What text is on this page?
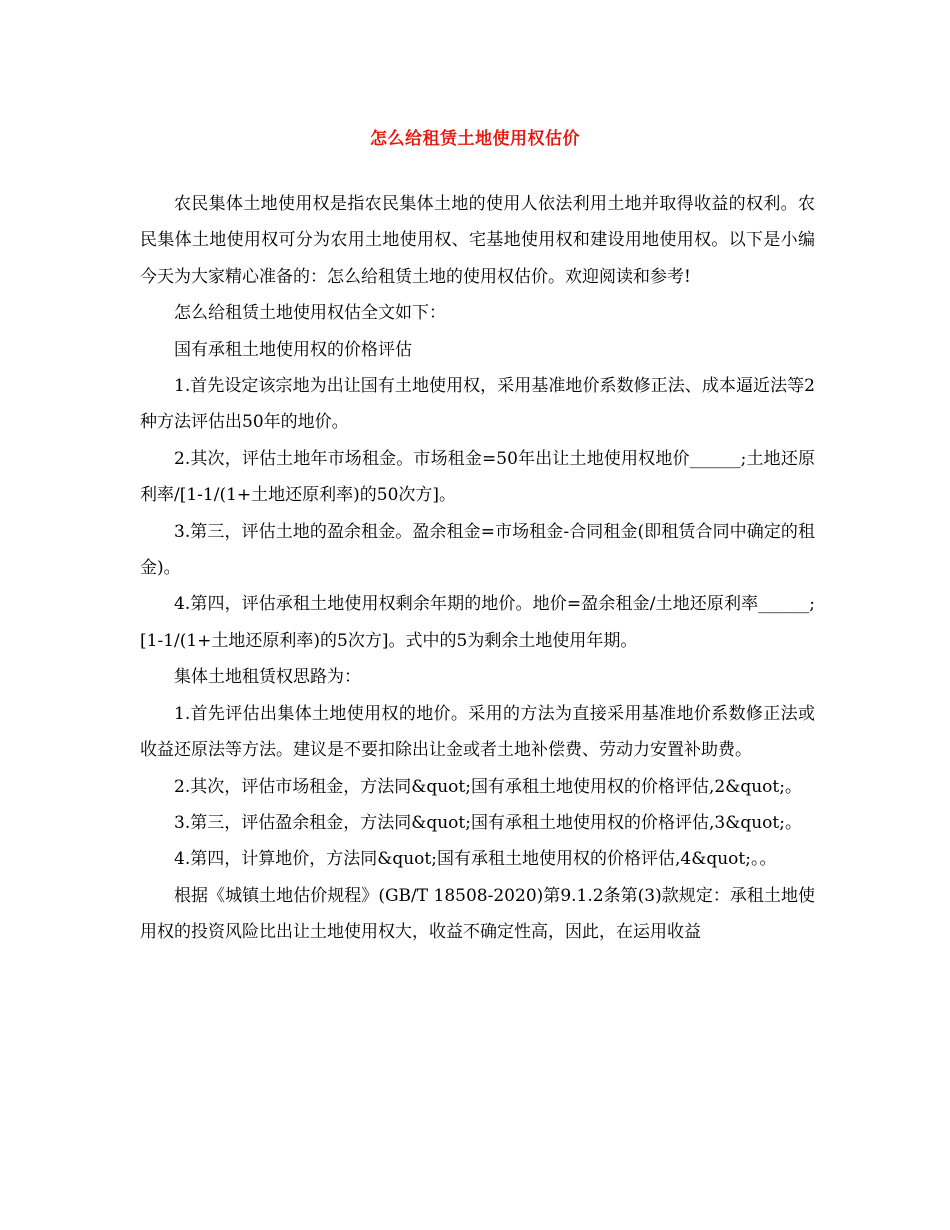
怎么给租赁土地使用权估价

农民集体土地使用权是指农民集体土地的使用人依法利用土地并取得收益的权利。农民集体土地使用权可分为农用土地使用权、宅基地使用权和建设用地使用权。以下是小编今天为大家精心准备的：怎么给租赁土地的使用权估价。欢迎阅读和参考!

怎么给租赁土地使用权估全文如下：

国有承租土地使用权的价格评估

1.首先设定该宗地为出让国有土地使用权，采用基准地价系数修正法、成本逼近法等2种方法评估出50年的地价。

2.其次，评估土地年市场租金。市场租金=50年出让土地使用权地价______;土地还原利率/[1-1/(1+土地还原利率)的50次方]。

3.第三，评估土地的盈余租金。盈余租金=市场租金-合同租金(即租赁合同中确定的租金)。

4.第四，评估承租土地使用权剩余年期的地价。地价=盈余租金/土地还原利率______;[1-1/(1+土地还原利率)的5次方]。式中的5为剩余土地使用年期。

集体土地租赁权思路为：

1.首先评估出集体土地使用权的地价。采用的方法为直接采用基准地价系数修正法或收益还原法等方法。建议是不要扣除出让金或者土地补偿费、劳动力安置补助费。

2.其次，评估市场租金，方法同&quot;国有承租土地使用权的价格评估,2&quot;。

3.第三，评估盈余租金，方法同&quot;国有承租土地使用权的价格评估,3&quot;。

4.第四，计算地价，方法同&quot;国有承租土地使用权的价格评估,4&quot;。。

根据《城镇土地估价规程》(GB/T 18508-2020)第9.1.2条第(3)款规定：承租土地使用权的投资风险比出让土地使用权大，收益不确定性高，因此，在运用收益
